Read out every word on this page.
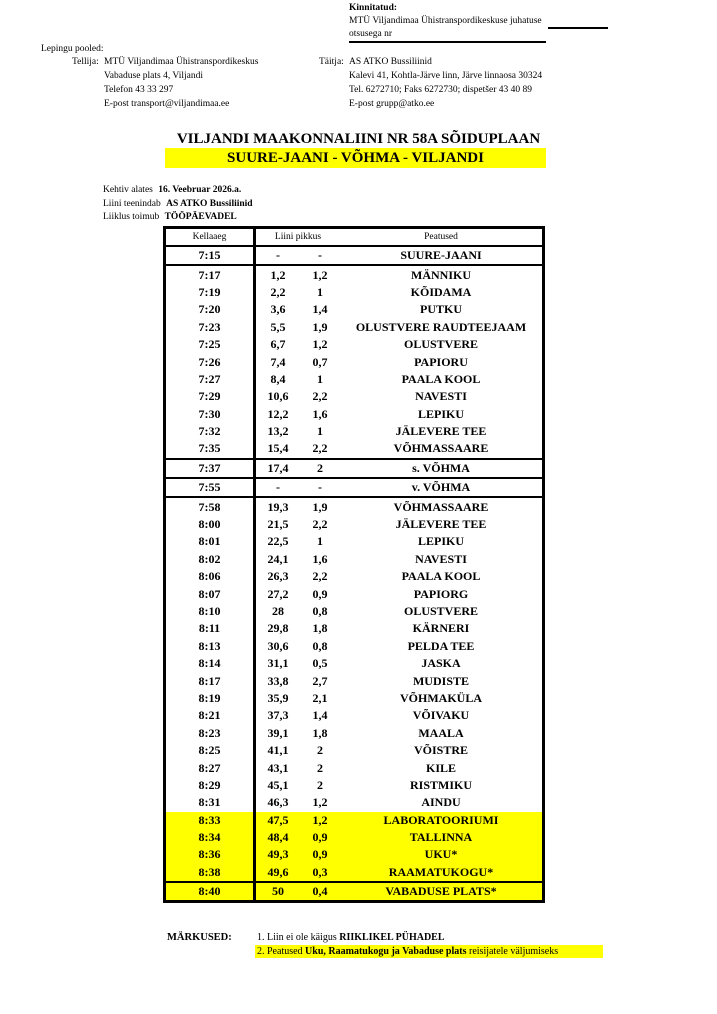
Kinnitatud:
MTÜ Viljandimaa Ühistranspordikeskuse juhatuse
otsusega nr
Lepingu pooled:
Tellija: MTÜ Viljandimaa Ühistranspordikeskus
Vabaduse plats 4, Viljandi
Telefon 43 33 297
E-post transport@viljandimaa.ee
Täitja: AS ATKO Bussiliinid
Kalevi 41, Kohtla-Järve linn, Järve linnaosa 30324
Tel. 6272710; Faks 6272730; dispetšer 43 40 89
E-post grupp@atko.ee
VILJANDI MAAKONNALIINI NR 58A SÕIDUPLAAN
SUURE-JAANI - VÕHMA - VILJANDI
Kehtiv alates 16. Veebruar 2026.a.
Liini teenindab AS ATKO Bussiliinid
Liiklus toimub TÖÖPÄEVADEL
Kellaaeg	Liini pikkus	Peatused
7:15	-	-	SUURE-JAANI
7:17	1,2	1,2	MÄNNIKU
7:19	2,2	1	KÕIDAMA
7:20	3,6	1,4	PUTKU
7:23	5,5	1,9	OLUSTVERE RAUDTEEJAAM
7:25	6,7	1,2	OLUSTVERE
7:26	7,4	0,7	PAPIORU
7:27	8,4	1	PAALA KOOL
7:29	10,6	2,2	NAVESTI
7:30	12,2	1,6	LEPIKU
7:32	13,2	1	JÄLEVERE TEE
7:35	15,4	2,2	VÕHMASSAARE
7:37	17,4	2	s. VÕHMA
7:55	-	-	v. VÕHMA
7:58	19,3	1,9	VÕHMASSAARE
8:00	21,5	2,2	JÄLEVERE TEE
8:01	22,5	1	LEPIKU
8:02	24,1	1,6	NAVESTI
8:06	26,3	2,2	PAALA KOOL
8:07	27,2	0,9	PAPIORG
8:10	28	0,8	OLUSTVERE
8:11	29,8	1,8	KÄRNERI
8:13	30,6	0,8	PELDA TEE
8:14	31,1	0,5	JASKA
8:17	33,8	2,7	MUDISTE
8:19	35,9	2,1	VÕHMAKÜLA
8:21	37,3	1,4	VÕIVAKU
8:23	39,1	1,8	MAALA
8:25	41,1	2	VÕISTRE
8:27	43,1	2	KILE
8:29	45,1	2	RISTMIKU
8:31	46,3	1,2	AINDU
8:33	47,5	1,2	LABORATOORIUMI
8:34	48,4	0,9	TALLINNA
8:36	49,3	0,9	UKU*
8:38	49,6	0,3	RAAMATUKOGU*
8:40	50	0,4	VABADUSE PLATS*
MÄRKUSED:	1. Liin ei ole käigus RIIKLIKEL PÜHADEL
2. Peatused Uku, Raamatukogu ja Vabaduse plats reisijatele väljumiseks
